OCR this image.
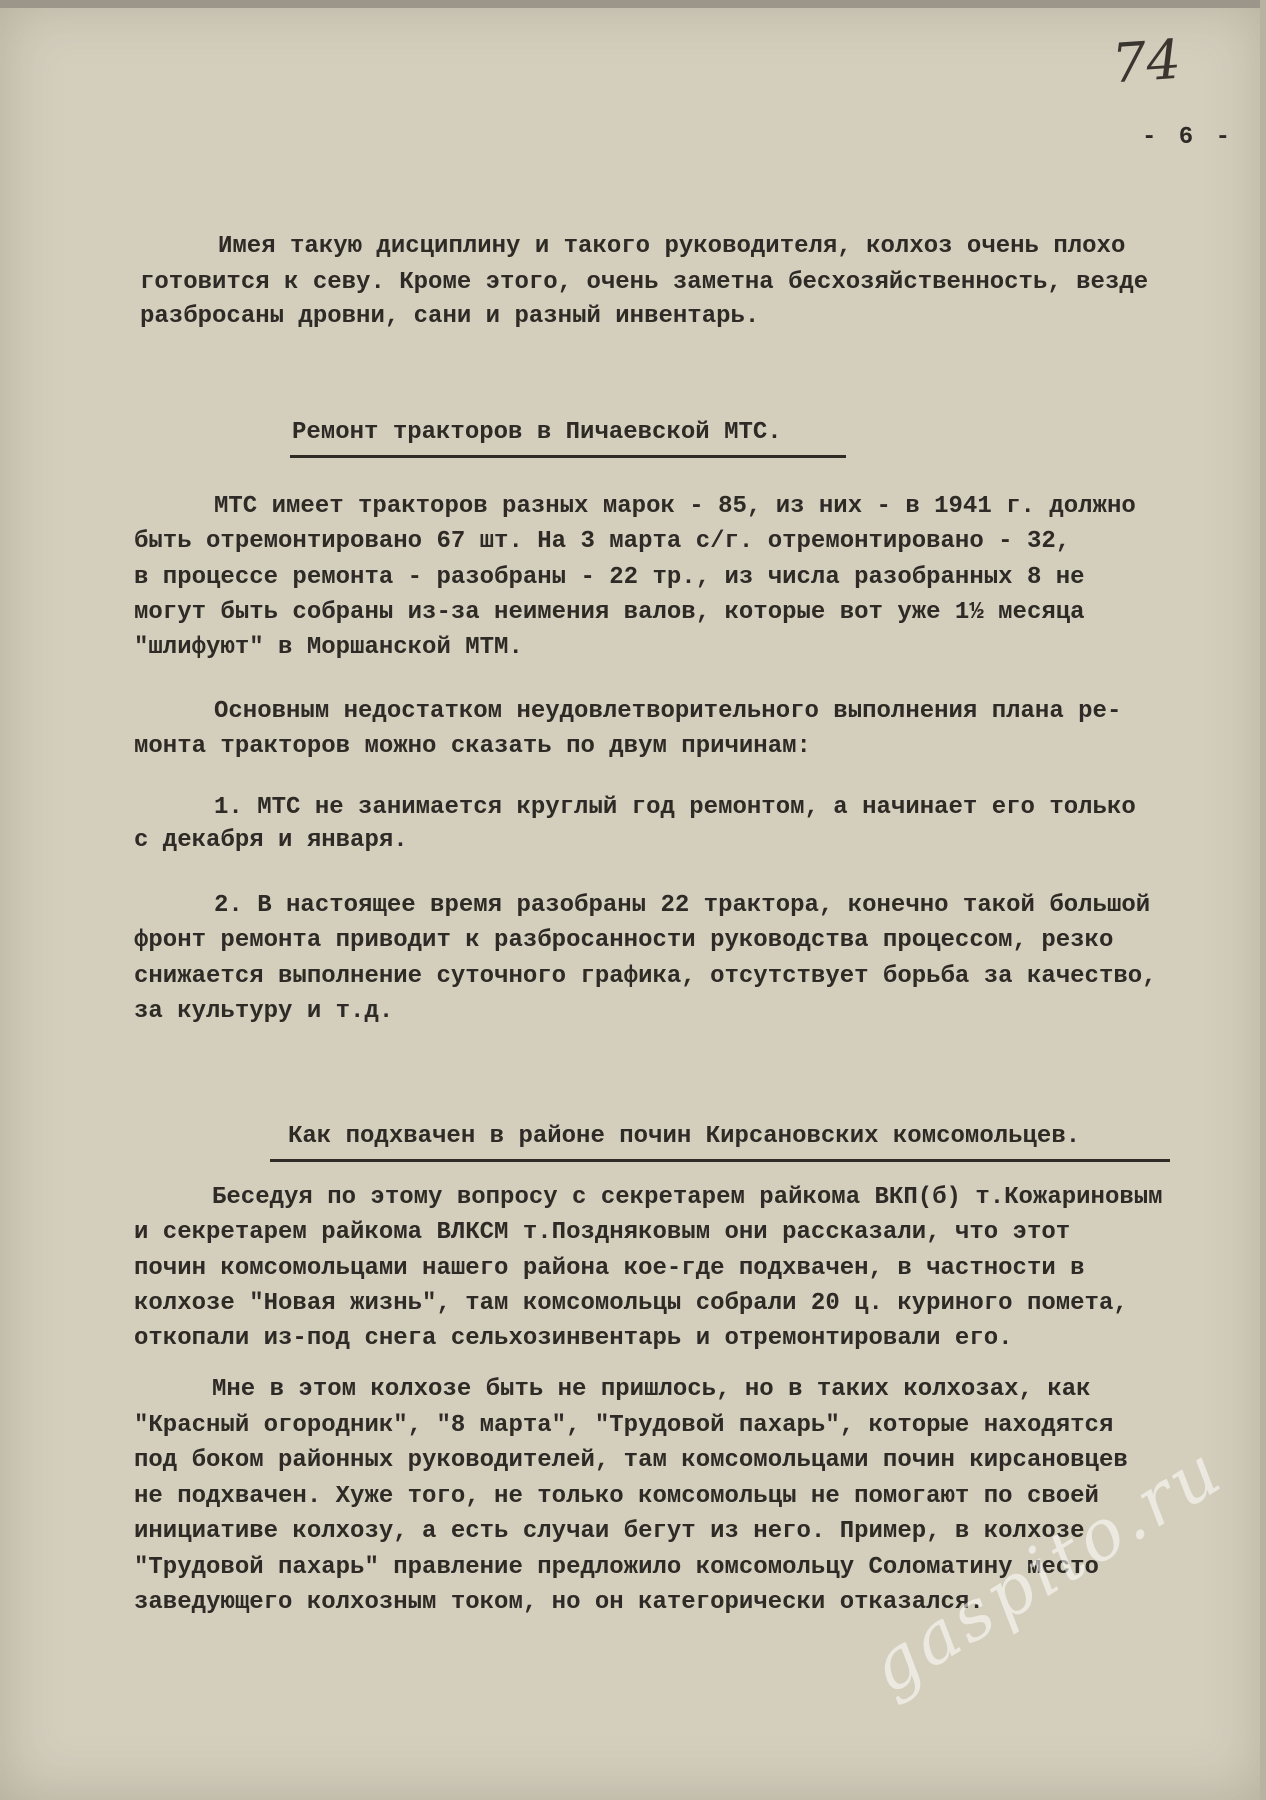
74
- 6 -
Имея такую дисциплину и такого руководителя, колхоз очень плохо
готовится к севу. Кроме этого, очень заметна бесхозяйственность, везде
разбросаны дровни, сани и разный инвентарь.
Ремонт тракторов в Пичаевской МТС.
МТС имеет тракторов разных марок - 85, из них - в 1941 г. должно
быть отремонтировано 67 шт. На 3 марта с/г. отремонтировано - 32,
в процессе ремонта - разобраны - 22 тр., из числа разобранных 8 не
могут быть собраны из-за неимения валов, которые вот уже 1½ месяца
"шлифуют" в Моршанской МТМ.
Основным недостатком неудовлетворительного выполнения плана ре-
монта тракторов можно сказать по двум причинам:
1. МТС не занимается круглый год ремонтом, а начинает его только
с декабря и января.
2. В настоящее время разобраны 22 трактора, конечно такой большой
фронт ремонта приводит к разбросанности руководства процессом, резко
снижается выполнение суточного графика, отсутствует борьба за качество,
за культуру и т.д.
Как подхвачен в районе почин Кирсановских комсомольцев.
Беседуя по этому вопросу с секретарем райкома ВКП(б) т.Кожариновым
и секретарем райкома ВЛКСМ т.Поздняковым они рассказали, что этот
почин комсомольцами нашего района кое-где подхвачен, в частности в
колхозе "Новая жизнь", там комсомольцы собрали 20 ц. куриного помета,
откопали из-под снега сельхозинвентарь и отремонтировали его.
Мне в этом колхозе быть не пришлось, но в таких колхозах, как
"Красный огородник", "8 марта", "Трудовой пахарь", которые находятся
под боком районных руководителей, там комсомольцами почин кирсановцев
не подхвачен. Хуже того, не только комсомольцы не помогают по своей
инициативе колхозу, а есть случаи бегут из него. Пример, в колхозе
"Трудовой пахарь" правление предложило комсомольцу Соломатину место
заведующего колхозным током, но он категорически отказался.
gaspito.ru
